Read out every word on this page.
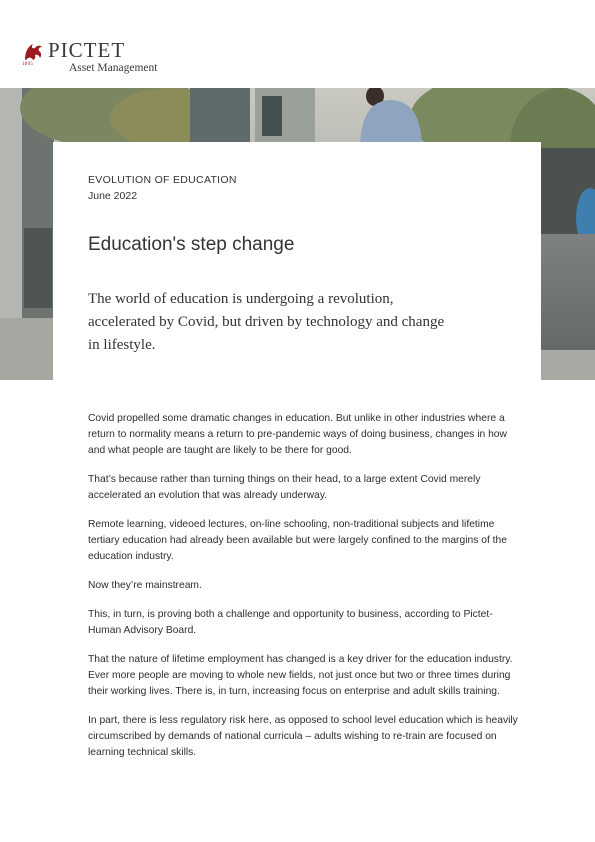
1805
PICTET
Asset Management
EVOLUTION OF EDUCATION
June 2022
Education's step change

The world of education is undergoing a revolution, accelerated by Covid, but driven by technology and change in lifestyle.

Covid propelled some dramatic changes in education. But unlike in other industries where a return to normality means a return to pre-pandemic ways of doing business, changes in how and what people are taught are likely to be there for good.

That’s because rather than turning things on their head, to a large extent Covid merely accelerated an evolution that was already underway.

Remote learning, videoed lectures, on-line schooling, non-traditional subjects and lifetime tertiary education had already been available but were largely confined to the margins of the education industry.

Now they’re mainstream.

This, in turn, is proving both a challenge and opportunity to business, according to Pictet-Human Advisory Board.

That the nature of lifetime employment has changed is a key driver for the education industry. Ever more people are moving to whole new fields, not just once but two or three times during their working lives. There is, in turn, increasing focus on enterprise and adult skills training.

In part, there is less regulatory risk here, as opposed to school level education which is heavily circumscribed by demands of national curricula – adults wishing to re-train are focused on learning technical skills.
